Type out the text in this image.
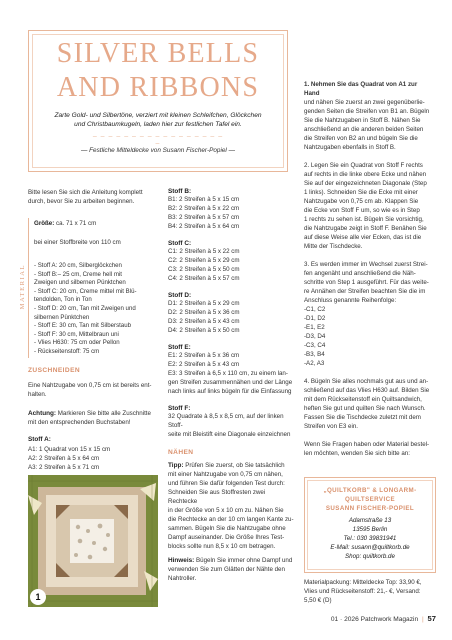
SILVER BELLS
AND RIBBONS
Zarte Gold- und Silbertöne, verziert mit kleinen Schleifchen, Glöckchen
und Christbaumkugeln, laden hier zur festlichen Tafel ein.
– – – – – – – – – – – – – – – – – –
— Festliche Mitteldecke von Susann Fischer-Popiel —
Bitte lesen Sie sich die Anleitung komplett
durch, bevor Sie zu arbeiten beginnen.
MATERIAL
Größe: ca. 71 x 71 cm
bei einer Stoffbreite von 110 cm
- Stoff A: 20 cm, Silberglöckchen
- Stoff B:– 25 cm, Creme hell mit
Zweigen und silbernen Pünktchen
- Stoff C: 20 cm, Creme mittel mit Blü-
tendolden, Ton in Ton
- Stoff D: 20 cm, Tan mit Zweigen und
silbernen Pünktchen
- Stoff E: 30 cm, Tan mit Silberstaub
- Stoff F: 30 cm, Mittelbraun uni
- Vlies H630: 75 cm oder Pellon
- Rückseitenstoff: 75 cm
ZUSCHNEIDEN
Eine Nahtzugabe von 0,75 cm ist bereits ent-
halten.
Achtung: Markieren Sie bitte alle Zuschnitte
mit den entsprechenden Buchstaben!
Stoff A:
A1: 1 Quadrat von 15 x 15 cm
A2: 2 Streifen à 5 x 64 cm
A3: 2 Streifen à 5 x 71 cm
1
Stoff B:
B1: 2 Streifen à 5 x 15 cm
B2: 2 Streifen à 5 x 22 cm
B3: 2 Streifen à 5 x 57 cm
B4: 2 Streifen à 5 x 64 cm
Stoff C:
C1: 2 Streifen à 5 x 22 cm
C2: 2 Streifen à 5 x 29 cm
C3: 2 Streifen à 5 x 50 cm
C4: 2 Streifen à 5 x 57 cm
Stoff D:
D1: 2 Streifen à 5 x 29 cm
D2: 2 Streifen à 5 x 36 cm
D3: 2 Streifen à 5 x 43 cm
D4: 2 Streifen à 5 x 50 cm
Stoff E:
E1: 2 Streifen à 5 x 36 cm
E2: 2 Streifen à 5 x 43 cm
E3: 3 Streifen à 6,5 x 110 cm, zu einem lan-
gen Streifen zusammennähen und der Länge
nach links auf links bügeln für die Einfassung
Stoff F:
32 Quadrate à 8,5 x 8,5 cm, auf der linken Stoff-
seite mit Bleistift eine Diagonale einzeichnen
NÄHEN
Tipp: Prüfen Sie zuerst, ob Sie tatsächlich
mit einer Nahtzugabe von 0,75 cm nähen,
und führen Sie dafür folgenden Test durch:
Schneiden Sie aus Stoffresten zwei Rechtecke
in der Größe von 5 x 10 cm zu. Nähen Sie
die Rechtecke an der 10 cm langen Kante zu-
sammen. Bügeln Sie die Nahtzugabe ohne
Dampf auseinander. Die Größe Ihres Test-
blocks sollte nun 8,5 x 10 cm betragen.
Hinweis: Bügeln Sie immer ohne Dampf und
verwenden Sie zum Glätten der Nähte den
Nahtroller.
1. Nehmen Sie das Quadrat von A1 zur Hand
und nähen Sie zuerst an zwei gegenüberlie-
genden Seiten die Streifen von B1 an. Bügeln
Sie die Nahtzugaben in Stoff B. Nähen Sie
anschließend an die anderen beiden Seiten
die Streifen von B2 an und bügeln Sie die
Nahtzugaben ebenfalls in Stoff B.
2. Legen Sie ein Quadrat von Stoff F rechts
auf rechts in die linke obere Ecke und nähen
Sie auf der eingezeichneten Diagonale (Step
1 links). Schneiden Sie die Ecke mit einer
Nahtzugabe von 0,75 cm ab. Klappen Sie
die Ecke von Stoff F um, so wie es in Step
1 rechts zu sehen ist. Bügeln Sie vorsichtig,
die Nahtzugabe zeigt in Stoff F. Benähen Sie
auf diese Weise alle vier Ecken, das ist die
Mitte der Tischdecke.
3. Es werden immer im Wechsel zuerst Strei-
fen angenäht und anschließend die Näh-
schritte von Step 1 ausgeführt. Für das weite-
re Annähen der Streifen beachten Sie die im
Anschluss genannte Reihenfolge:
-C1, C2
-D1, D2
-E1, E2
-D3, D4
-C3, C4
-B3, B4
-A2, A3
4. Bügeln Sie alles nochmals gut aus und an-
schließend auf das Vlies H630 auf. Bilden Sie
mit dem Rückseitenstoff ein Quiltsandwich,
heften Sie gut und quilten Sie nach Wunsch.
Fassen Sie die Tischdecke zuletzt mit dem
Streifen von E3 ein.
Wenn Sie Fragen haben oder Material bestel-
len möchten, wenden Sie sich bitte an:
„QUILTKORB" & LONGARM-
QUILTSERVICE
SUSANN FISCHER-POPIEL
Adamstraße 13
13595 Berlin
Tel.: 030 39831941
E-Mail: susann@quiltkorb.de
Shop: quiltkorb.de
Materialpackung: Mitteldecke Top: 33,90 €,
Vlies und Rückseitenstoff: 21,- €, Versand:
5,50 € (D)
01 · 2026 Patchwork Magazin | 57
